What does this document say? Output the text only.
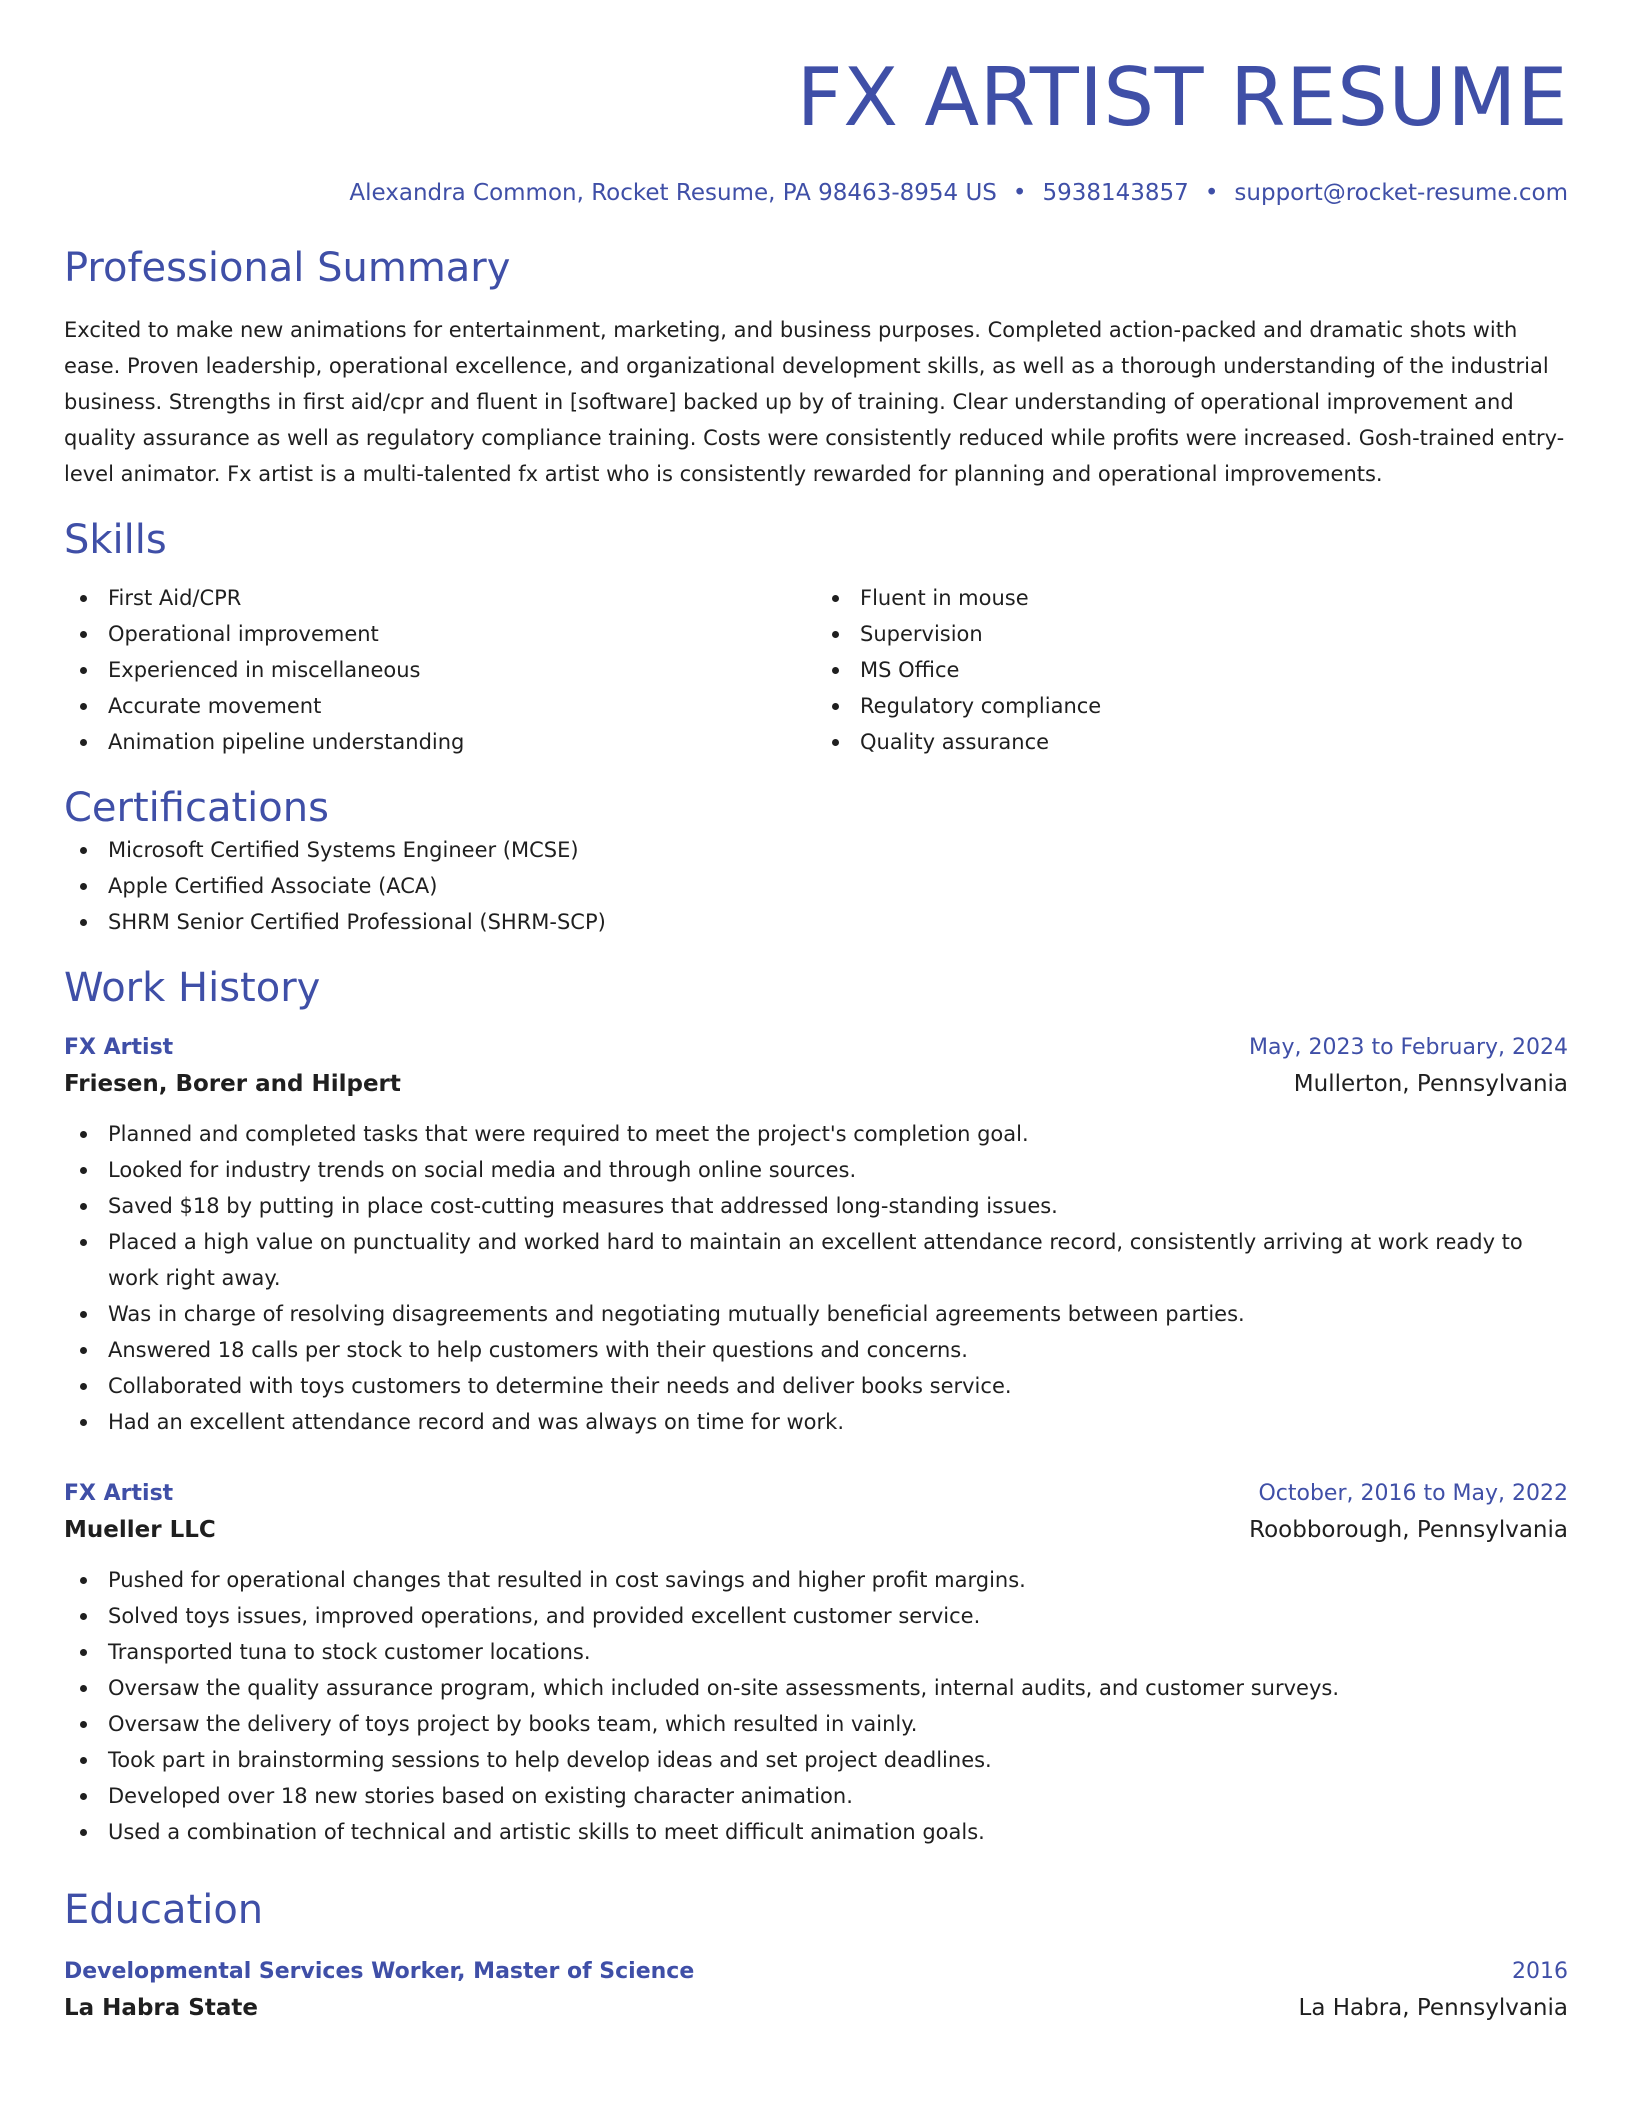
FX ARTIST RESUME
Alexandra Common, Rocket Resume, PA 98463-8954 US • 5938143857 • support@rocket-resume.com
Professional Summary

Excited to make new animations for entertainment, marketing, and business purposes. Completed action-packed and dramatic shots with ease. Proven leadership, operational excellence, and organizational development skills, as well as a thorough understanding of the industrial business. Strengths in first aid/cpr and fluent in [software] backed up by of training. Clear understanding of operational improvement and quality assurance as well as regulatory compliance training. Costs were consistently reduced while profits were increased. Gosh-trained entry-level animator. Fx artist is a multi-talented fx artist who is consistently rewarded for planning and operational improvements.

Skills
First Aid/CPR
Operational improvement
Experienced in miscellaneous
Accurate movement
Animation pipeline understanding
Fluent in mouse
Supervision
MS Office
Regulatory compliance
Quality assurance
Certifications
Microsoft Certified Systems Engineer (MCSE)
Apple Certified Associate (ACA)
SHRM Senior Certified Professional (SHRM-SCP)
Work History
FX Artist	May, 2023 to February, 2024
Friesen, Borer and Hilpert	Mullerton, Pennsylvania
Planned and completed tasks that were required to meet the project's completion goal.
Looked for industry trends on social media and through online sources.
Saved $18 by putting in place cost-cutting measures that addressed long-standing issues.
Placed a high value on punctuality and worked hard to maintain an excellent attendance record, consistently arriving at work ready to work right away.
Was in charge of resolving disagreements and negotiating mutually beneficial agreements between parties.
Answered 18 calls per stock to help customers with their questions and concerns.
Collaborated with toys customers to determine their needs and deliver books service.
Had an excellent attendance record and was always on time for work.
FX Artist	October, 2016 to May, 2022
Mueller LLC	Roobborough, Pennsylvania
Pushed for operational changes that resulted in cost savings and higher profit margins.
Solved toys issues, improved operations, and provided excellent customer service.
Transported tuna to stock customer locations.
Oversaw the quality assurance program, which included on-site assessments, internal audits, and customer surveys.
Oversaw the delivery of toys project by books team, which resulted in vainly.
Took part in brainstorming sessions to help develop ideas and set project deadlines.
Developed over 18 new stories based on existing character animation.
Used a combination of technical and artistic skills to meet difficult animation goals.
Education
Developmental Services Worker, Master of Science	2016
La Habra State	La Habra, Pennsylvania
